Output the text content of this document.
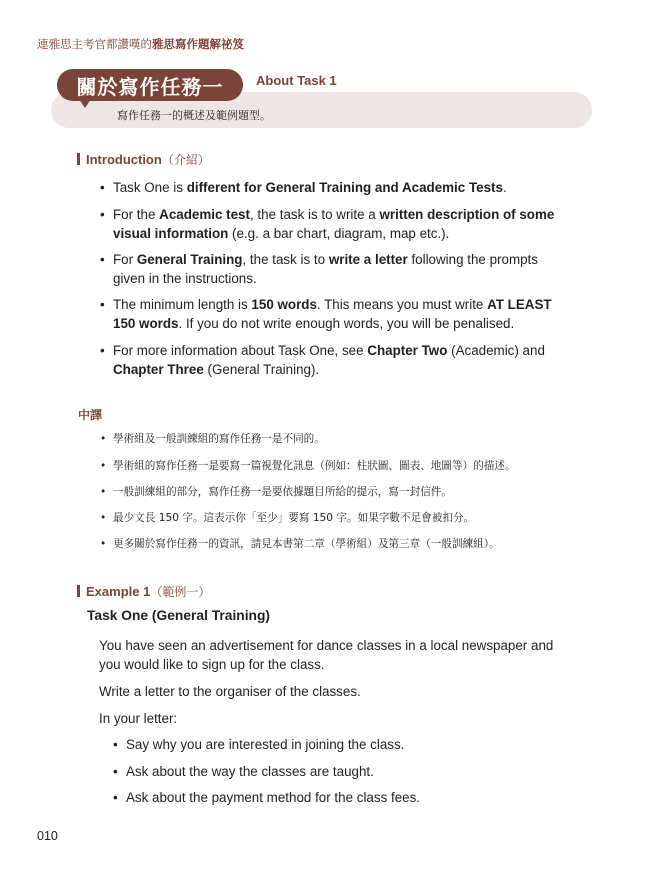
連雅思主考官都讚嘆的雅思寫作題解祕笈
關於寫作任務一	About Task 1
寫作任務一的概述及範例題型。
Introduction（介紹）
• Task One is different for General Training and Academic Tests.
• For the Academic test, the task is to write a written description of some
visual information (e.g. a bar chart, diagram, map etc.).
• For General Training, the task is to write a letter following the prompts
given in the instructions.
• The minimum length is 150 words. This means you must write AT LEAST
150 words. If you do not write enough words, you will be penalised.
• For more information about Task One, see Chapter Two (Academic) and
Chapter Three (General Training).
中譯
• 學術組及一般訓練組的寫作任務一是不同的。
• 學術組的寫作任務一是要寫一篇視覺化訊息（例如：柱狀圖、圖表、地圖等）的描述。
• 一般訓練組的部分，寫作任務一是要依據題目所給的提示，寫一封信件。
• 最少文長 150 字。這表示你「至少」要寫 150 字。如果字數不足會被扣分。
• 更多關於寫作任務一的資訊，請見本書第二章（學術組）及第三章（一般訓練組）。
Example 1（範例一）
Task One (General Training)
You have seen an advertisement for dance classes in a local newspaper and
you would like to sign up for the class.
Write a letter to the organiser of the classes.
In your letter:
• Say why you are interested in joining the class.
• Ask about the way the classes are taught.
• Ask about the payment method for the class fees.
010
